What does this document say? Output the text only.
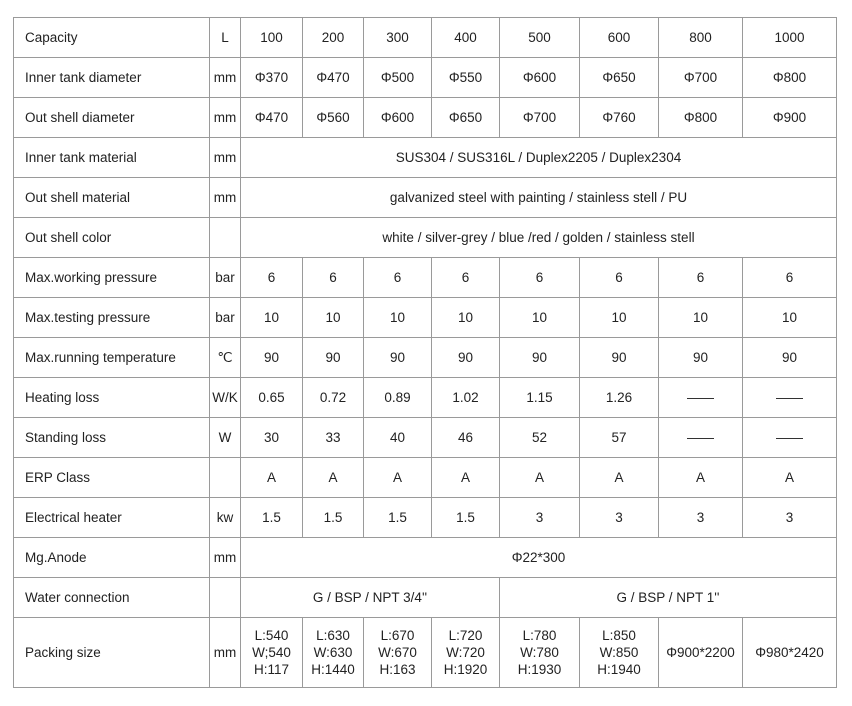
Capacity	L	100	200	300	400	500	600	800	1000
Inner tank diameter	mm	Φ370	Φ470	Φ500	Φ550	Φ600	Φ650	Φ700	Φ800
Out shell diameter	mm	Φ470	Φ560	Φ600	Φ650	Φ700	Φ760	Φ800	Φ900
Inner tank material	mm	SUS304 / SUS316L / Duplex2205 / Duplex2304							
Out shell material	mm	galvanized steel with painting / stainless stell / PU							
Out shell color		white / silver-grey / blue /red / golden / stainless stell							
Max.working pressure	bar	6	6	6	6	6	6	6	6
Max.testing pressure	bar	10	10	10	10	10	10	10	10
Max.running temperature	℃	90	90	90	90	90	90	90	90
Heating loss	W/K	0.65	0.72	0.89	1.02	1.15	1.26	——	——
Standing loss	W	30	33	40	46	52	57	——	——
ERP Class		A	A	A	A	A	A	A	A
Electrical heater	kw	1.5	1.5	1.5	1.5	3	3	3	3
Mg.Anode	mm	Φ22*300							
Water connection		G / BSP / NPT 3/4''				G / BSP / NPT 1''			
Packing size	mm	L:540
W;540
H:117	L:630
W:630
H:1440	L:670
W:670
H:163	L:720
W:720
H:1920	L:780
W:780
H:1930	L:850
W:850
H:1940	Φ900*2200	Φ980*2420
